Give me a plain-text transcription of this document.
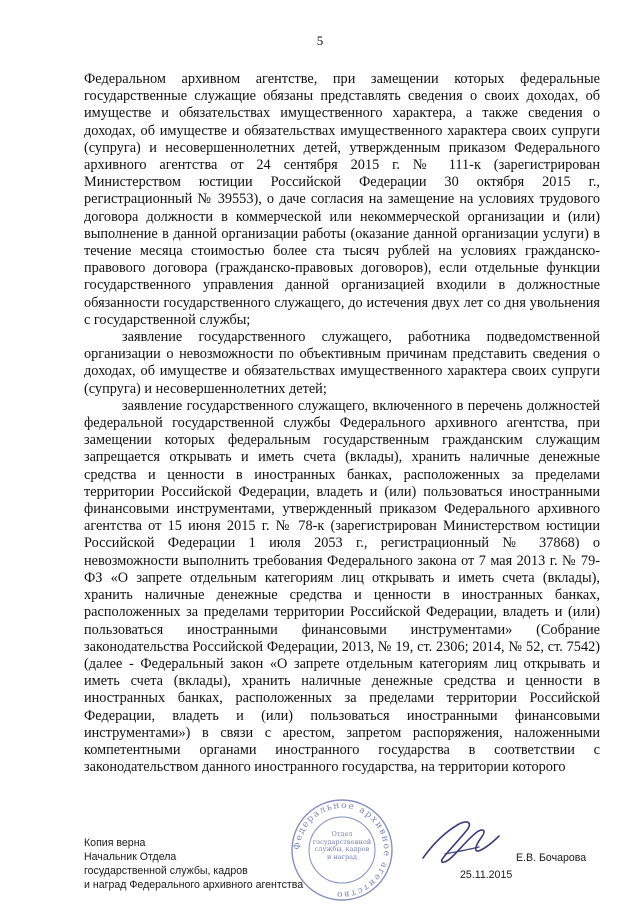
5

Федеральном архивном агентстве, при замещении которых федеральные государственные служащие обязаны представлять сведения о своих доходах, об имуществе и обязательствах имущественного характера, а также сведения о доходах, об имуществе и обязательствах имущественного характера своих супруги (супруга) и несовершеннолетних детей, утвержденным приказом Федерального архивного агентства от 24 сентября 2015 г. № 111-к (зарегистрирован Министерством юстиции Российской Федерации 30 октября 2015 г., регистрационный № 39553), о даче согласия на замещение на условиях трудового договора должности в коммерческой или некоммерческой организации и (или) выполнение в данной организации работы (оказание данной организации услуги) в течение месяца стоимостью более ста тысяч рублей на условиях гражданско-правового договора (гражданско-правовых договоров), если отдельные функции государственного управления данной организацией входили в должностные обязанности государственного служащего, до истечения двух лет со дня увольнения с государственной службы;

заявление государственного служащего, работника подведомственной организации о невозможности по объективным причинам представить сведения о доходах, об имуществе и обязательствах имущественного характера своих супруги (супруга) и несовершеннолетних детей;

заявление государственного служащего, включенного в перечень должностей федеральной государственной службы Федерального архивного агентства, при замещении которых федеральным государственным гражданским служащим запрещается открывать и иметь счета (вклады), хранить наличные денежные средства и ценности в иностранных банках, расположенных за пределами территории Российской Федерации, владеть и (или) пользоваться иностранными финансовыми инструментами, утвержденный приказом Федерального архивного агентства от 15 июня 2015 г. № 78-к (зарегистрирован Министерством юстиции Российской Федерации 1 июля 2053 г., регистрационный № 37868) о невозможности выполнить требования Федерального закона от 7 мая 2013 г. № 79-ФЗ «О запрете отдельным категориям лиц открывать и иметь счета (вклады), хранить наличные денежные средства и ценности в иностранных банках, расположенных за пределами территории Российской Федерации, владеть и (или) пользоваться иностранными финансовыми инструментами» (Собрание законодательства Российской Федерации, 2013, № 19, ст. 2306; 2014, № 52, ст. 7542) (далее - Федеральный закон «О запрете отдельным категориям лиц открывать и иметь счета (вклады), хранить наличные денежные средства и ценности в иностранных банках, расположенных за пределами территории Российской Федерации, владеть и (или) пользоваться иностранными финансовыми инструментами») в связи с арестом, запретом распоряжения, наложенными компетентными органами иностранного государства в соответствии с законодательством данного иностранного государства, на территории которого

Копия верна
Начальник Отдела
государственной службы, кадров
и наград Федерального архивного агентства
Федеральное архивное агентство
Отдел государственной службы, кадров и наград	Е.В. Бочарова
25.11.2015
